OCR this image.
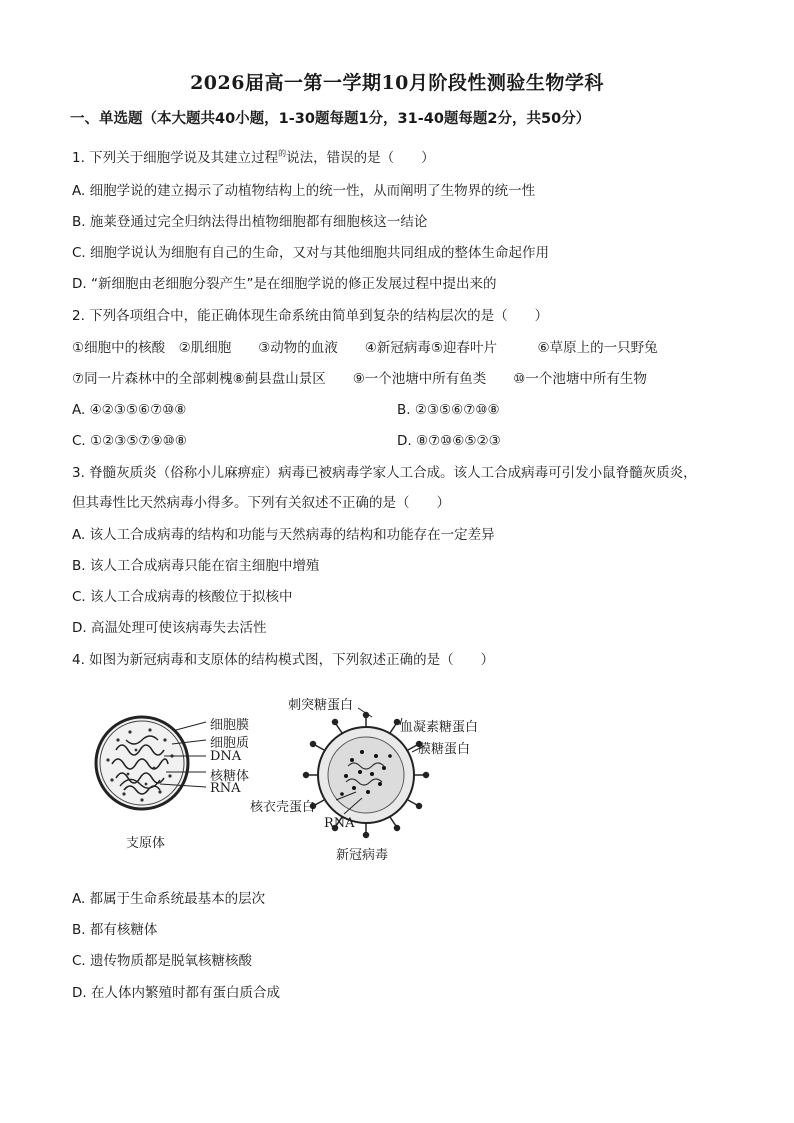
2026届高一第一学期10月阶段性测验生物学科
一、单选题（本大题共40小题，1-30题每题1分，31-40题每题2分，共50分）
1. 下列关于细胞学说及其建立过程$^的$说法，错误的是（　　）
A. 细胞学说的建立揭示了动植物结构上的统一性，从而阐明了生物界的统一性
B. 施莱登通过完全归纳法得出植物细胞都有细胞核这一结论
C. 细胞学说认为细胞有自己的生命，又对与其他细胞共同组成的整体生命起作用
D. “新细胞由老细胞分裂产生”是在细胞学说的修正发展过程中提出来的
2. 下列各项组合中，能正确体现生命系统由简单到复杂的结构层次的是（　　）
①细胞中的核酸　②肌细胞　　③动物的血液　　④新冠病毒⑤迎春叶片　　　⑥草原上的一只野兔
⑦同一片森林中的全部刺槐⑧蓟县盘山景区　　⑨一个池塘中所有鱼类　　⑩一个池塘中所有生物
A. ④②③⑤⑥⑦⑩⑧	B. ②③⑤⑥⑦⑩⑧
C. ①②③⑤⑦⑨⑩⑧	D. ⑧⑦⑩⑥⑤②③
3. 脊髓灰质炎（俗称小儿麻痹症）病毒已被病毒学家人工合成。该人工合成病毒可引发小鼠脊髓灰质炎，
但其毒性比天然病毒小得多。下列有关叙述不正确的是（　　）
A. 该人工合成病毒的结构和功能与天然病毒的结构和功能存在一定差异
B. 该人工合成病毒只能在宿主细胞中增殖
C. 该人工合成病毒的核酸位于拟核中
D. 高温处理可使该病毒失去活性
4. 如图为新冠病毒和支原体的结构模式图，下列叙述正确的是（　　）
细胞膜
细胞质
DNA
核糖体
RNA
支原体
刺突糖蛋白
血凝素糖蛋白
膜糖蛋白
核衣壳蛋白
RNA
新冠病毒
A. 都属于生命系统最基本的层次
B. 都有核糖体
C. 遗传物质都是脱氧核糖核酸
D. 在人体内繁殖时都有蛋白质合成
